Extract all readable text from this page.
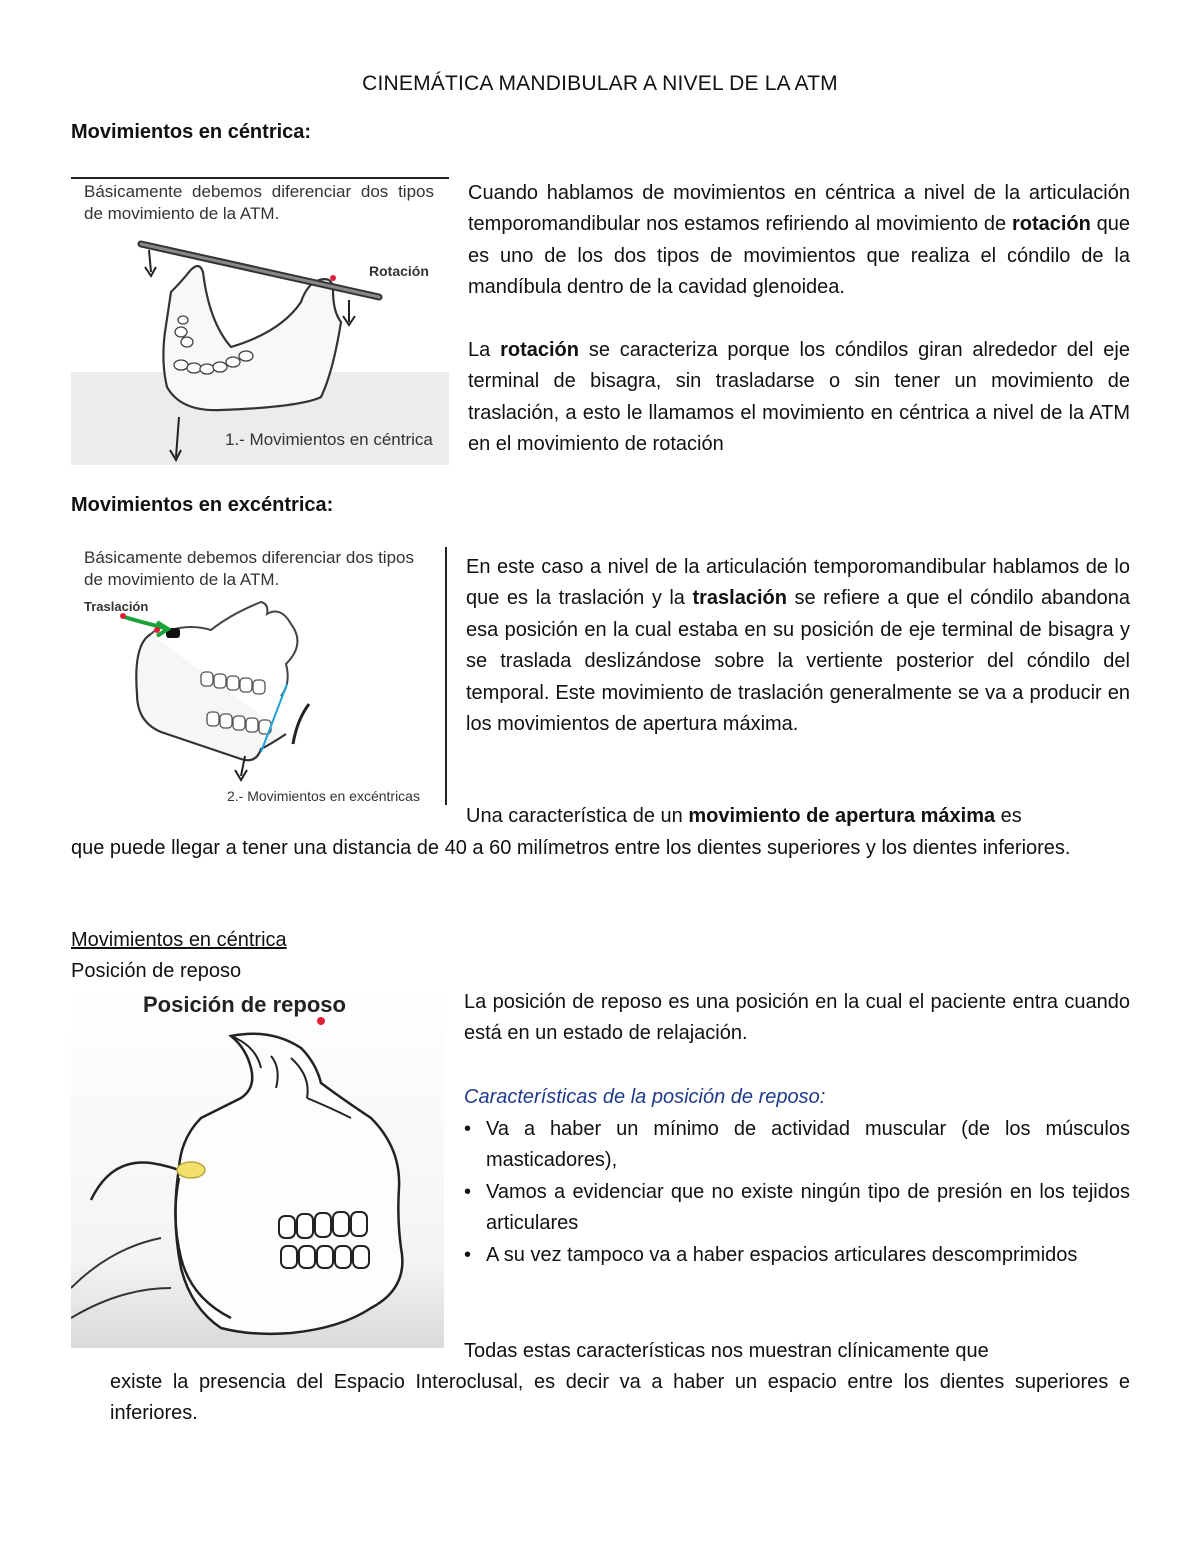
CINEMÁTICA MANDIBULAR A NIVEL DE LA ATM
Movimientos en céntrica:
Básicamente debemos diferenciar dos tipos de movimiento de la ATM.
Rotación
1.- Movimientos en céntrica
Cuando hablamos de movimientos en céntrica a nivel de la articulación temporomandibular nos estamos refiriendo al movimiento de rotación que es uno de los dos tipos de movimientos que realiza el cóndilo de la mandíbula dentro de la cavidad glenoidea.
La rotación se caracteriza porque los cóndilos giran alrededor del eje terminal de bisagra, sin trasladarse o sin tener un movimiento de traslación, a esto le llamamos el movimiento en céntrica a nivel de la ATM en el movimiento de rotación
Movimientos en excéntrica:
Básicamente debemos diferenciar dos tipos de movimiento de la ATM.
Traslación
2.- Movimientos en excéntricas
En este caso a nivel de la articulación temporomandibular hablamos de lo que es la traslación y la traslación se refiere a que el cóndilo abandona esa posición en la cual estaba en su posición de eje terminal de bisagra y se traslada deslizándose sobre la vertiente posterior del cóndilo del temporal. Este movimiento de traslación generalmente se va a producir en los movimientos de apertura máxima.
Una característica de un movimiento de apertura máxima es
que puede llegar a tener una distancia de 40 a 60 milímetros entre los dientes superiores y los dientes inferiores.
Movimientos en céntrica
Posición de reposo
Posición de reposo	La posición de reposo es una posición en la cual el paciente entra cuando está en un estado de relajación.
Características de la posición de reposo:
• Va a haber un mínimo de actividad muscular (de los músculos masticadores),
• Vamos a evidenciar que no existe ningún tipo de presión en los tejidos articulares
• A su vez tampoco va a haber espacios articulares descomprimidos
Todas estas características nos muestran clínicamente que
existe la presencia del Espacio Interoclusal, es decir va a haber un espacio entre los dientes superiores e inferiores.
